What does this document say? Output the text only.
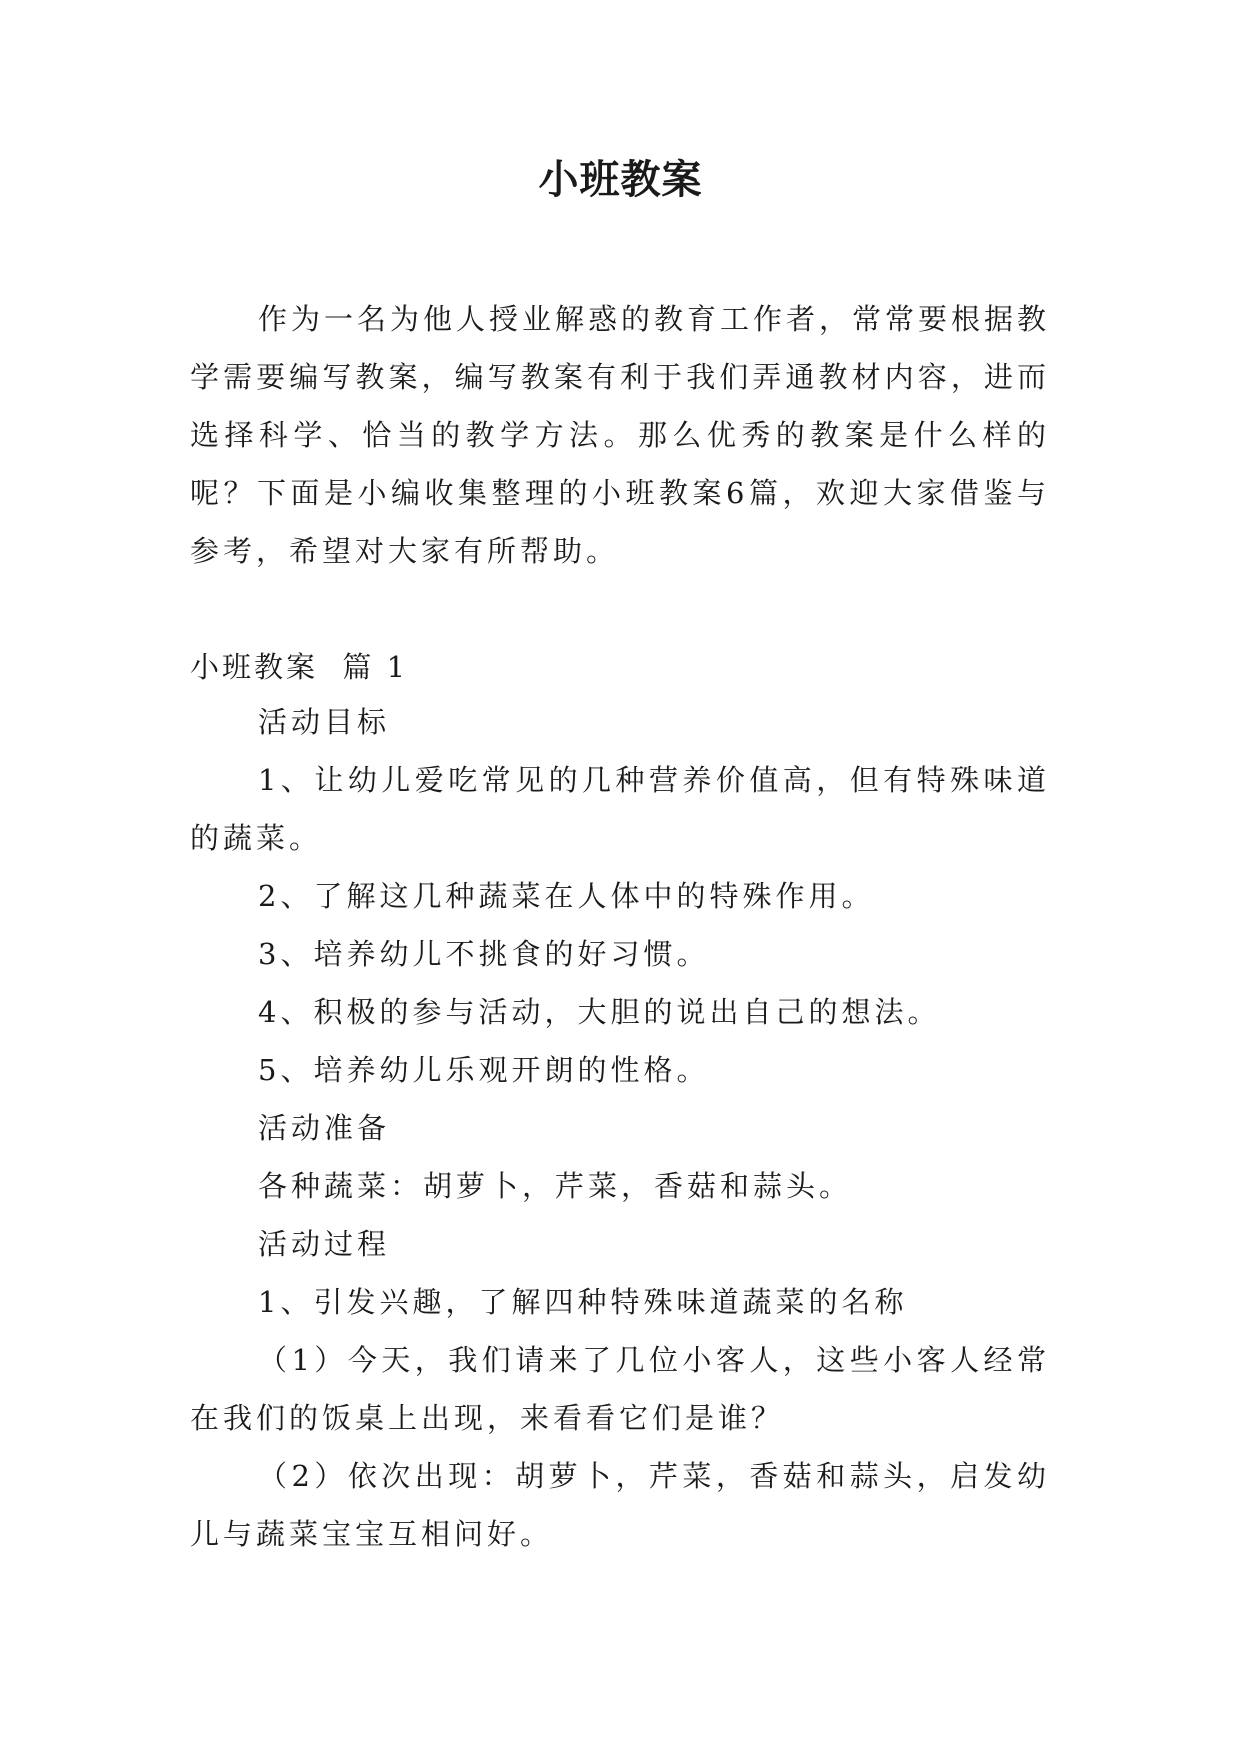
小班教案

作为一名为他人授业解惑的教育工作者，常常要根据教学需要编写教案，编写教案有利于我们弄通教材内容，进而选择科学、恰当的教学方法。那么优秀的教案是什么样的呢？下面是小编收集整理的小班教案6篇，欢迎大家借鉴与参考，希望对大家有所帮助。

小班教案  篇 1

活动目标

1、让幼儿爱吃常见的几种营养价值高，但有特殊味道的蔬菜。

2、了解这几种蔬菜在人体中的特殊作用。

3、培养幼儿不挑食的好习惯。

4、积极的参与活动，大胆的说出自己的想法。

5、培养幼儿乐观开朗的性格。

活动准备

各种蔬菜：胡萝卜，芹菜，香菇和蒜头。

活动过程

1、引发兴趣，了解四种特殊味道蔬菜的名称

（1）今天，我们请来了几位小客人，这些小客人经常在我们的饭桌上出现，来看看它们是谁？

（2）依次出现：胡萝卜，芹菜，香菇和蒜头，启发幼儿与蔬菜宝宝互相问好。
